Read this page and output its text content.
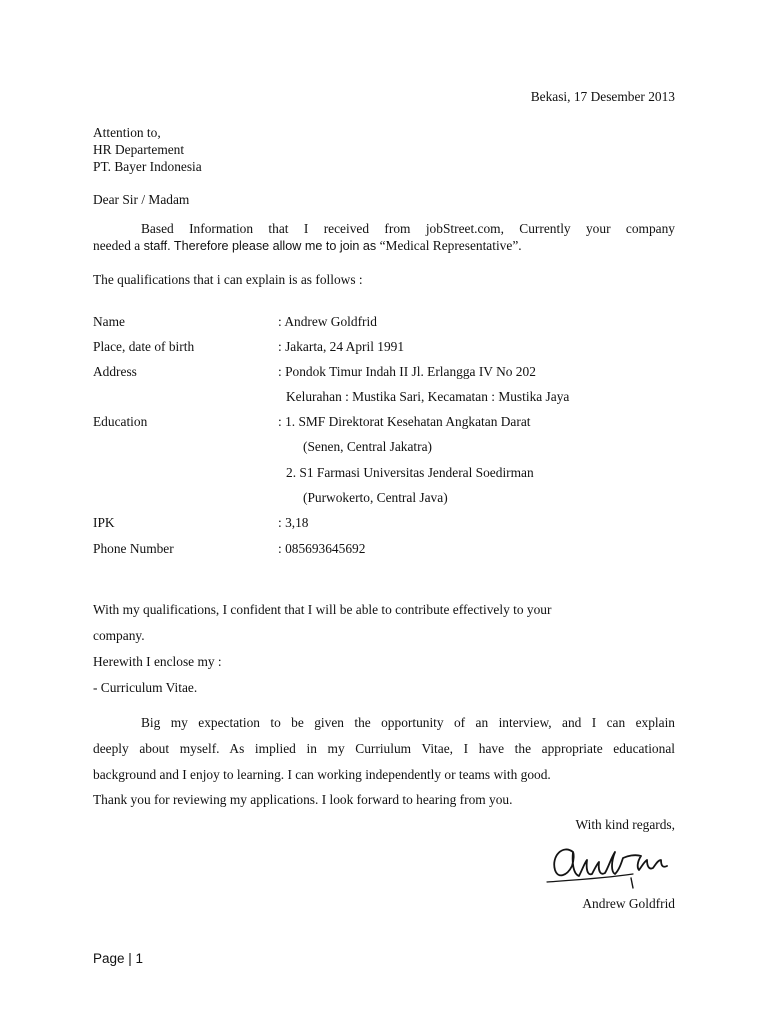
Bekasi, 17 Desember 2013
Attention to,
HR Departement
PT. Bayer Indonesia
Dear Sir / Madam
Based Information that I received from jobStreet.com, Currently your company
needed a staff. Therefore please allow me to join as “Medical Representative”.
The qualifications that i can explain is as follows :
Name	: Andrew Goldfrid
Place, date of birth	: Jakarta, 24 April 1991
Address	: Pondok Timur Indah II Jl. Erlangga IV No 202
Kelurahan : Mustika Sari, Kecamatan : Mustika Jaya
Education	: 1. SMF Direktorat Kesehatan Angkatan Darat
(Senen, Central Jakatra)
2. S1 Farmasi Universitas Jenderal Soedirman
(Purwokerto, Central Java)
IPK	: 3,18
Phone Number	: 085693645692
With my qualifications, I confident that I will be able to contribute effectively to your
company.
Herewith I enclose my :
- Curriculum Vitae.
Big my expectation to be given the opportunity of an interview, and I can explain
deeply about myself. As implied in my Curriulum Vitae, I have the appropriate educational
background and I enjoy to learning. I can working independently or teams with good.
Thank you for reviewing my applications. I look forward to hearing from you.
With kind regards,
Andrew Goldfrid
Page | 1
